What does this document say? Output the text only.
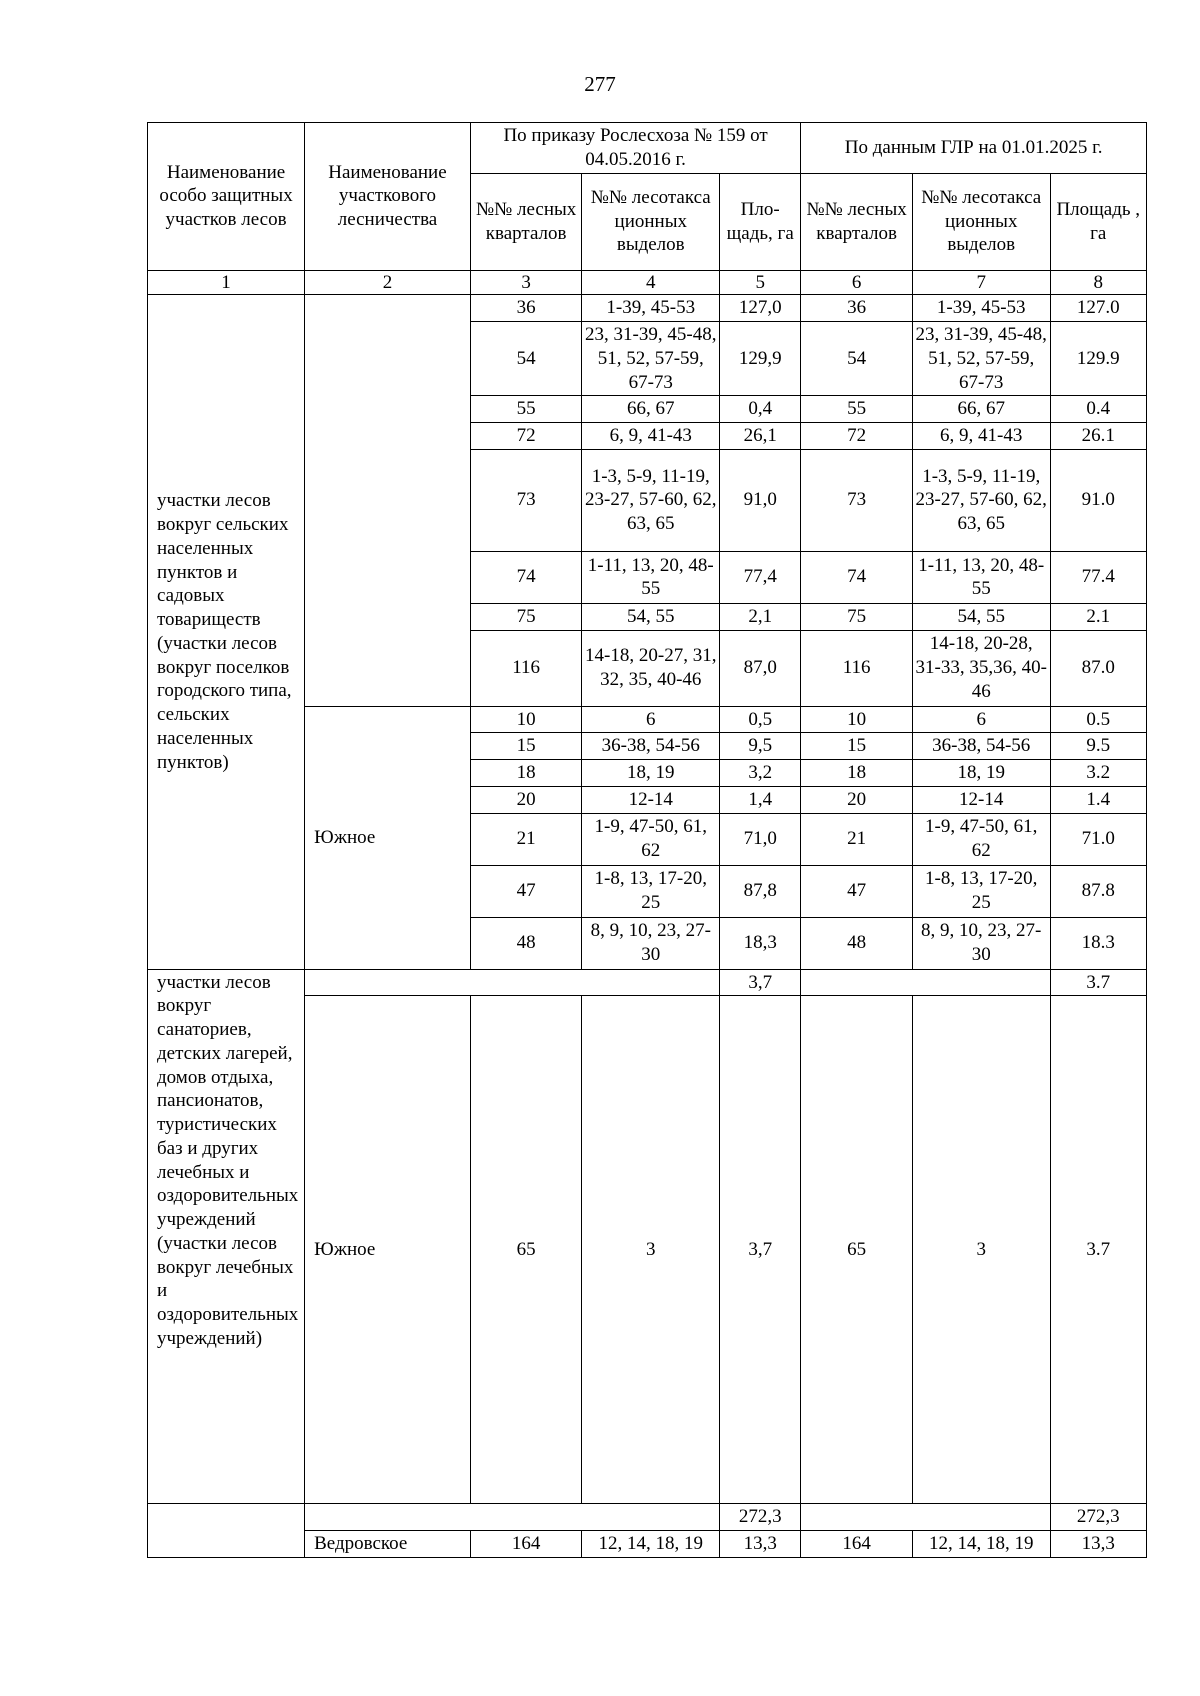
277
Наименование особо защитных участков лесов	Наименование участкового лесничества	По приказу Рослесхоза № 159 от 04.05.2016 г.			По данным ГЛР на 01.01.2025 г.		
		№№ лесных кварталов	№№ лесотакса ционных выделов	Пло-щадь, га	№№ лесных кварталов	№№ лесотакса ционных выделов	Площадь , га
1	2	3	4	5	6	7	8
участки лесов вокруг сельских населенных пунктов и садовых товариществ (участки лесов вокруг поселков городского типа, сельских населенных пунктов)		36	1-39, 45-53	127,0	36	1-39, 45-53	127.0
		54	23, 31-39, 45-48, 51, 52, 57-59, 67-73	129,9	54	23, 31-39, 45-48, 51, 52, 57-59, 67-73	129.9
		55	66, 67	0,4	55	66, 67	0.4
		72	6, 9, 41-43	26,1	72	6, 9, 41-43	26.1
		73	1-3, 5-9, 11-19, 23-27, 57-60, 62, 63, 65	91,0	73	1-3, 5-9, 11-19, 23-27, 57-60, 62, 63, 65	91.0
		74	1-11, 13, 20, 48-55	77,4	74	1-11, 13, 20, 48-55	77.4
		75	54, 55	2,1	75	54, 55	2.1
		116	14-18, 20-27, 31, 32, 35, 40-46	87,0	116	14-18, 20-28, 31-33, 35,36, 40-46	87.0
	Южное	10	6	0,5	10	6	0.5
		15	36-38, 54-56	9,5	15	36-38, 54-56	9.5
		18	18, 19	3,2	18	18, 19	3.2
		20	12-14	1,4	20	12-14	1.4
		21	1-9, 47-50, 61, 62	71,0	21	1-9, 47-50, 61, 62	71.0
		47	1-8, 13, 17-20, 25	87,8	47	1-8, 13, 17-20, 25	87.8
		48	8, 9, 10, 23, 27-30	18,3	48	8, 9, 10, 23, 27-30	18.3
участки лесов вокруг санаториев, детских лагерей, домов отдыха, пансионатов, туристических баз и других лечебных и оздоровительных учреждений (участки лесов вокруг лечебных и оздоровительных учреждений)				3,7			3.7
	Южное	65	3	3,7	65	3	3.7
				272,3			272,3
	Ведровское	164	12, 14, 18, 19	13,3	164	12, 14, 18, 19	13,3
